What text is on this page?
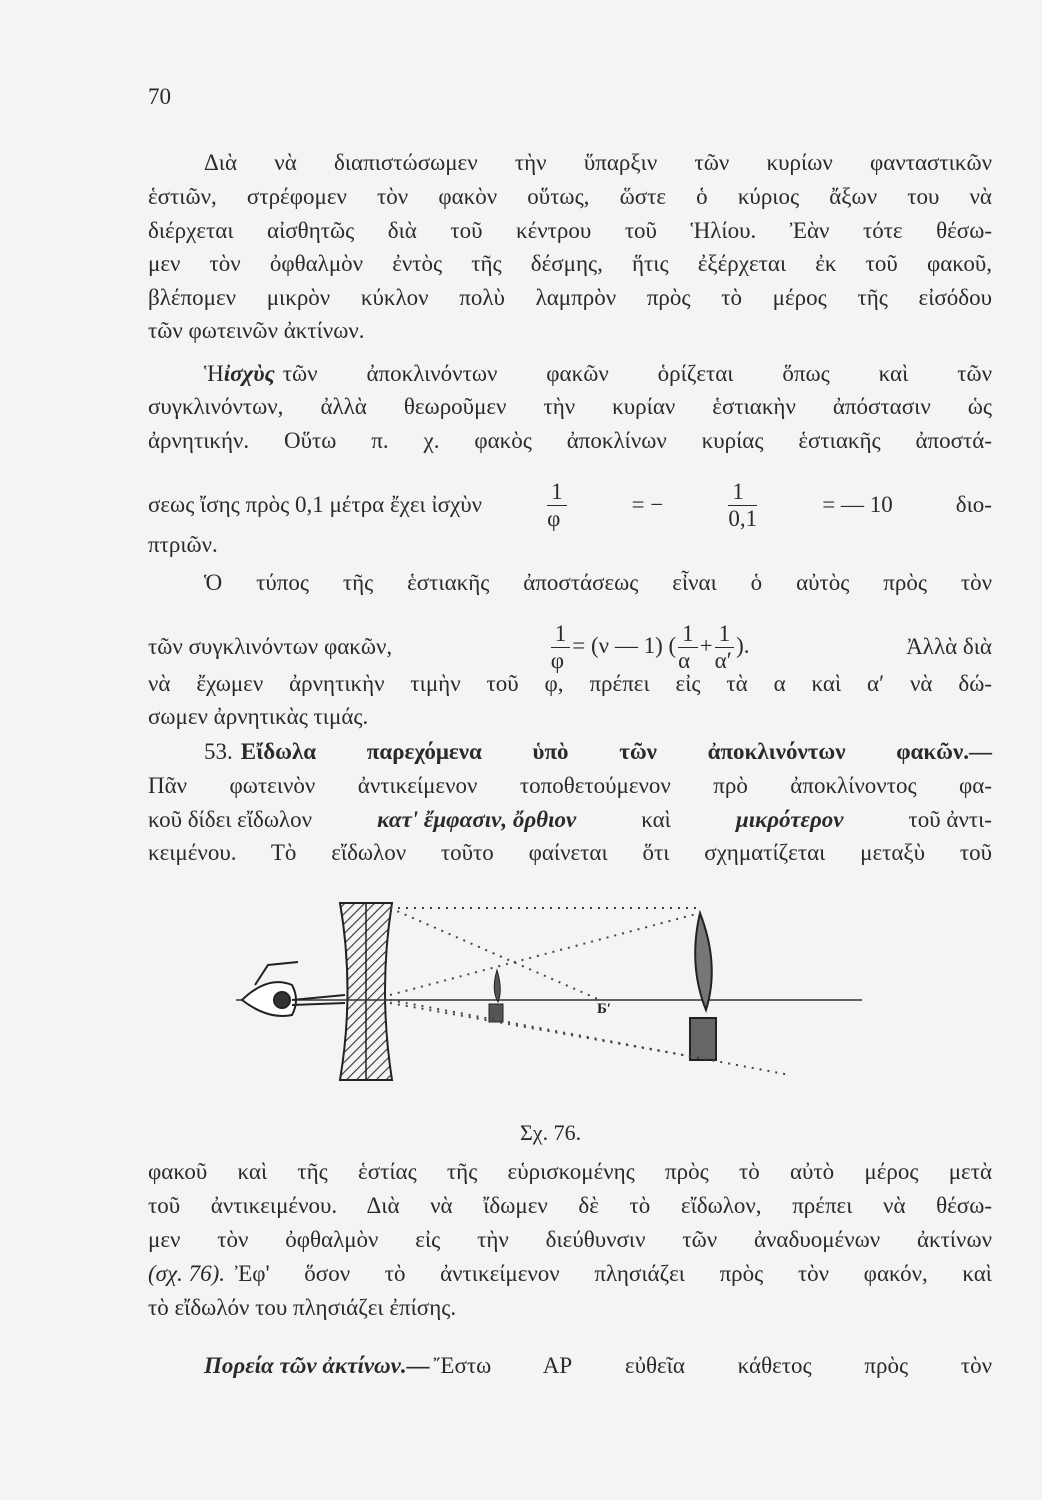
70
Διὰ νὰ διαπιστώσωμεν τὴν ὕπαρξιν τῶν κυρίων φανταστικῶν
ἑστιῶν, στρέφομεν τὸν φακὸν οὕτως, ὥστε ὁ κύριος ἄξων του νὰ
διέρχεται αἰσθητῶς διὰ τοῦ κέντρου τοῦ Ἡλίου. Ἐὰν τότε θέσω-
μεν τὸν ὀφθαλμὸν ἐντὸς τῆς δέσμης, ἥτις ἐξέρχεται ἐκ τοῦ φακοῦ,
βλέπομεν μικρὸν κύκλον πολὺ λαμπρὸν πρὸς τὸ μέρος τῆς εἰσόδου
τῶν φωτεινῶν ἀκτίνων.
Ἡ ἰσχὺς τῶν ἀποκλινόντων φακῶν ὁρίζεται ὅπως καὶ τῶν
συγκλινόντων, ἀλλὰ θεωροῦμεν τὴν κυρίαν ἑστιακὴν ἀπόστασιν ὡς
ἀρνητικήν. Οὕτω π. χ. φακὸς ἀποκλίνων κυρίας ἑστιακῆς ἀποστά-
σεως ἴσης πρὸς 0,1 μέτρα ἔχει ἰσχὺν	$\frac{1}{\varphi}$	= −	$\frac{1}{0,1}$	= — 10	διο-
πτριῶν.
Ὁ τύπος τῆς ἑστιακῆς ἀποστάσεως εἶναι ὁ αὐτὸς πρὸς τὸν
τῶν συγκλινόντων φακῶν,	$\frac{1}{\varphi} = (\nu$ — 1) ( $\frac{1}{\alpha} + \frac{1}{\alpha'}$ ).	Ἀλλὰ διὰ
νὰ ἔχωμεν ἀρνητικὴν τιμὴν τοῦ φ, πρέπει εἰς τὰ α καὶ α′ νὰ δώ-
σωμεν ἀρνητικὰς τιμάς.
53. Εἴδωλα παρεχόμενα ὑπὸ τῶν ἀποκλινόντων φακῶν.—
Πᾶν φωτεινὸν ἀντικείμενον τοποθετούμενον πρὸ ἀποκλίνοντος φα-
κοῦ δίδει εἴδωλον	κατ' ἔμφασιν, ὄρθιον	καὶ	μικρότερον	τοῦ ἀντι-
κειμένου. Τὸ εἴδωλον τοῦτο φαίνεται ὅτι σχηματίζεται μεταξὺ τοῦ
Б′
Σχ. 76.
φακοῦ καὶ τῆς ἑστίας τῆς εὑρισκομένης πρὸς τὸ αὐτὸ μέρος μετὰ
τοῦ ἀντικειμένου. Διὰ νὰ ἴδωμεν δὲ τὸ εἴδωλον, πρέπει νὰ θέσω-
μεν τὸν ὀφθαλμὸν εἰς τὴν διεύθυνσιν τῶν ἀναδυομένων ἀκτίνων
(σχ. 76). Ἐφ' ὅσον τὸ ἀντικείμενον πλησιάζει πρὸς τὸν φακόν, καὶ
τὸ εἴδωλόν του πλησιάζει ἐπίσης.
Πορεία τῶν ἀκτίνων.— Ἔστω ΑΡ εὐθεῖα κάθετος πρὸς τὸν
